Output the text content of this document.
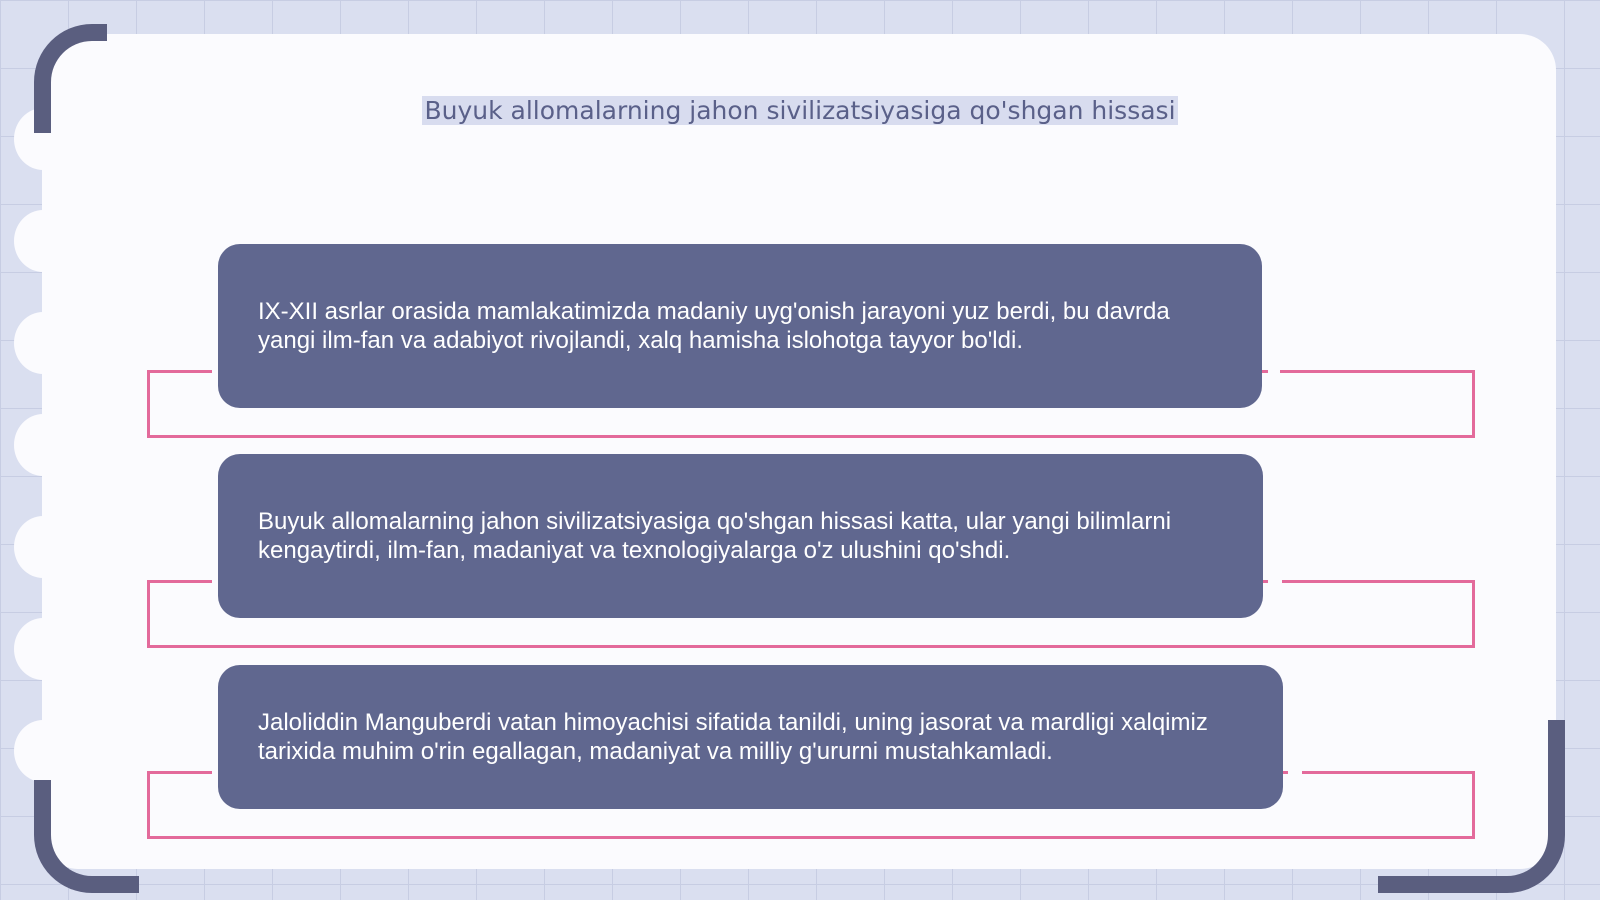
Buyuk allomalarning jahon sivilizatsiyasiga qo'shgan hissasi
IX-XII asrlar orasida mamlakatimizda madaniy uyg'onish jarayoni yuz berdi, bu davrda yangi ilm-fan va adabiyot rivojlandi, xalq hamisha islohotga tayyor bo'ldi.
Buyuk allomalarning jahon sivilizatsiyasiga qo'shgan hissasi katta, ular yangi bilimlarni kengaytirdi, ilm-fan, madaniyat va texnologiyalarga o'z ulushini qo'shdi.
Jaloliddin Manguberdi vatan himoyachisi sifatida tanildi, uning jasorat va mardligi xalqimiz tarixida muhim o'rin egallagan, madaniyat va milliy g'ururni mustahkamladi.
